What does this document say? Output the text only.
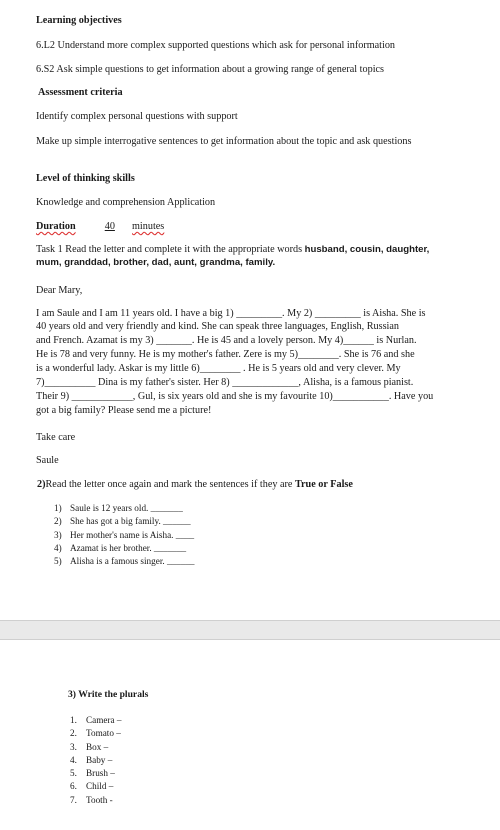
Learning objectives
6.L2 Understand more complex supported questions which ask for personal information
6.S2 Ask simple questions to get information about a growing range of general topics
Assessment criteria
Identify complex personal questions with support
Make up simple interrogative sentences to get information about the topic and ask questions
Level of thinking skills
Knowledge and comprehension Application
Duration	40 minutes
Task 1 Read the letter and complete it with the appropriate words husband, cousin, daughter, mum, granddad, brother, dad, aunt, grandma, family.
Dear Mary,
I am Saule and I am 11 years old. I have a big 1) _________. My 2) _________ is Aisha. She is
40 years old and very friendly and kind. She can speak three languages, English, Russian
and French. Azamat is my 3) _______. He is 45 and a lovely person. My 4)______ is Nurlan.
He is 78 and very funny. He is my mother's father. Zere is my 5)________. She is 76 and she
is a wonderful lady. Askar is my little 6)________ . He is 5 years old and very clever. My
7)__________ Dina is my father's sister. Her 8) _____________, Alisha, is a famous pianist.
Their 9) ____________, Gul, is six years old and she is my favourite 10)___________. Have you
got a big family? Please send me a picture!
Take care
Saule
2)Read the letter once again and mark the sentences if they are True or False
1) Saule is 12 years old. _______
2) She has got a big family. ______
3) Her mother's name is Aisha. ____
4) Azamat is her brother. _______
5) Alisha is a famous singer. ______
3) Write the plurals
1. Camera –
2. Tomato –
3. Box –
4. Baby –
5. Brush –
6. Child –
7. Tooth -
